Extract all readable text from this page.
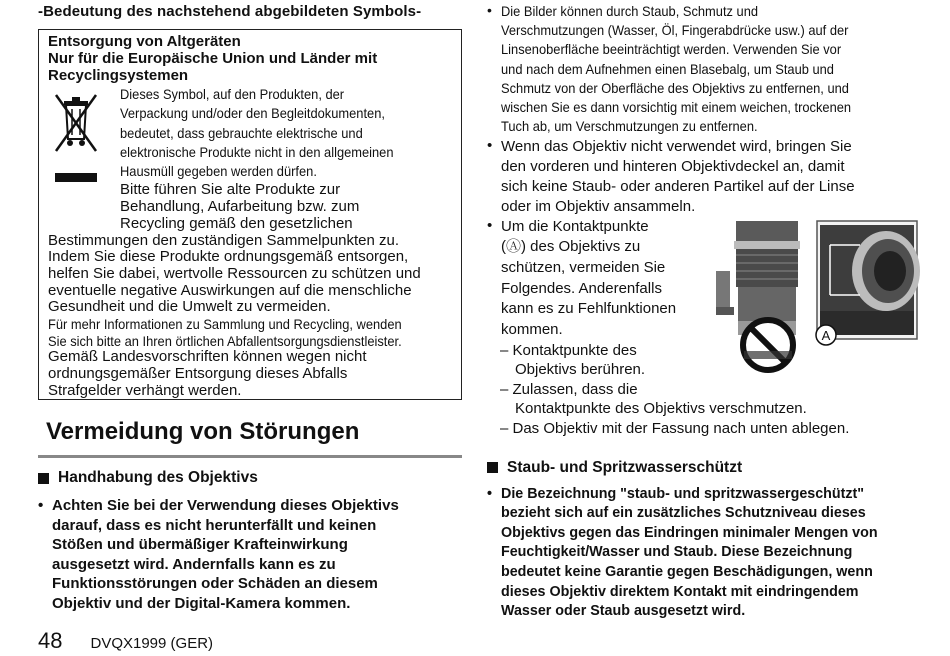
-Bedeutung des nachstehend abgebildeten Symbols-
Entsorgung von Altgeräten
Nur für die Europäische Union und Länder mit
Recyclingsystemen
Dieses Symbol, auf den Produkten, der
Verpackung und/oder den Begleitdokumenten,
bedeutet, dass gebrauchte elektrische und
elektronische Produkte nicht in den allgemeinen
Hausmüll gegeben werden dürfen.
Bitte führen Sie alte Produkte zur
Behandlung, Aufarbeitung bzw. zum
Recycling gemäß den gesetzlichen
Bestimmungen den zuständigen Sammelpunkten zu.
Indem Sie diese Produkte ordnungsgemäß entsorgen,
helfen Sie dabei, wertvolle Ressourcen zu schützen und
eventuelle negative Auswirkungen auf die menschliche
Gesundheit und die Umwelt zu vermeiden.
Für mehr Informationen zu Sammlung und Recycling, wenden
Sie sich bitte an Ihren örtlichen Abfallentsorgungsdienstleister.
Gemäß Landesvorschriften können wegen nicht
ordnungsgemäßer Entsorgung dieses Abfalls
Strafgelder verhängt werden.
Vermeidung von Störungen
Handhabung des Objektivs
• Achten Sie bei der Verwendung dieses Objektivs
darauf, dass es nicht herunterfällt und keinen
Stößen und übermäßiger Krafteinwirkung
ausgesetzt wird. Andernfalls kann es zu
Funktionsstörungen oder Schäden an diesem
Objektiv und der Digital-Kamera kommen.
• Die Bilder können durch Staub, Schmutz und
Verschmutzungen (Wasser, Öl, Fingerabdrücke usw.) auf der
Linsenoberfläche beeinträchtigt werden. Verwenden Sie vor
und nach dem Aufnehmen einen Blasebalg, um Staub und
Schmutz von der Oberfläche des Objektivs zu entfernen, und
wischen Sie es dann vorsichtig mit einem weichen, trockenen
Tuch ab, um Verschmutzungen zu entfernen.
• Wenn das Objektiv nicht verwendet wird, bringen Sie
den vorderen und hinteren Objektivdeckel an, damit
sich keine Staub- oder anderen Partikel auf der Linse
oder im Objektiv ansammeln.
• Um die Kontaktpunkte
(Ⓐ) des Objektivs zu
schützen, vermeiden Sie
Folgendes. Anderenfalls
kann es zu Fehlfunktionen
kommen.
– Kontaktpunkte des
Objektivs berühren.
– Zulassen, dass die
Kontaktpunkte des Objektivs verschmutzen.
– Das Objektiv mit der Fassung nach unten ablegen.
A
Staub- und Spritzwasserschützt
• Die Bezeichnung "staub- und spritzwassergeschützt"
bezieht sich auf ein zusätzliches Schutzniveau dieses
Objektivs gegen das Eindringen minimaler Mengen von
Feuchtigkeit/Wasser und Staub. Diese Bezeichnung
bedeutet keine Garantie gegen Beschädigungen, wenn
dieses Objektiv direktem Kontakt mit eindringendem
Wasser oder Staub ausgesetzt wird.
48 DVQX1999 (GER)
